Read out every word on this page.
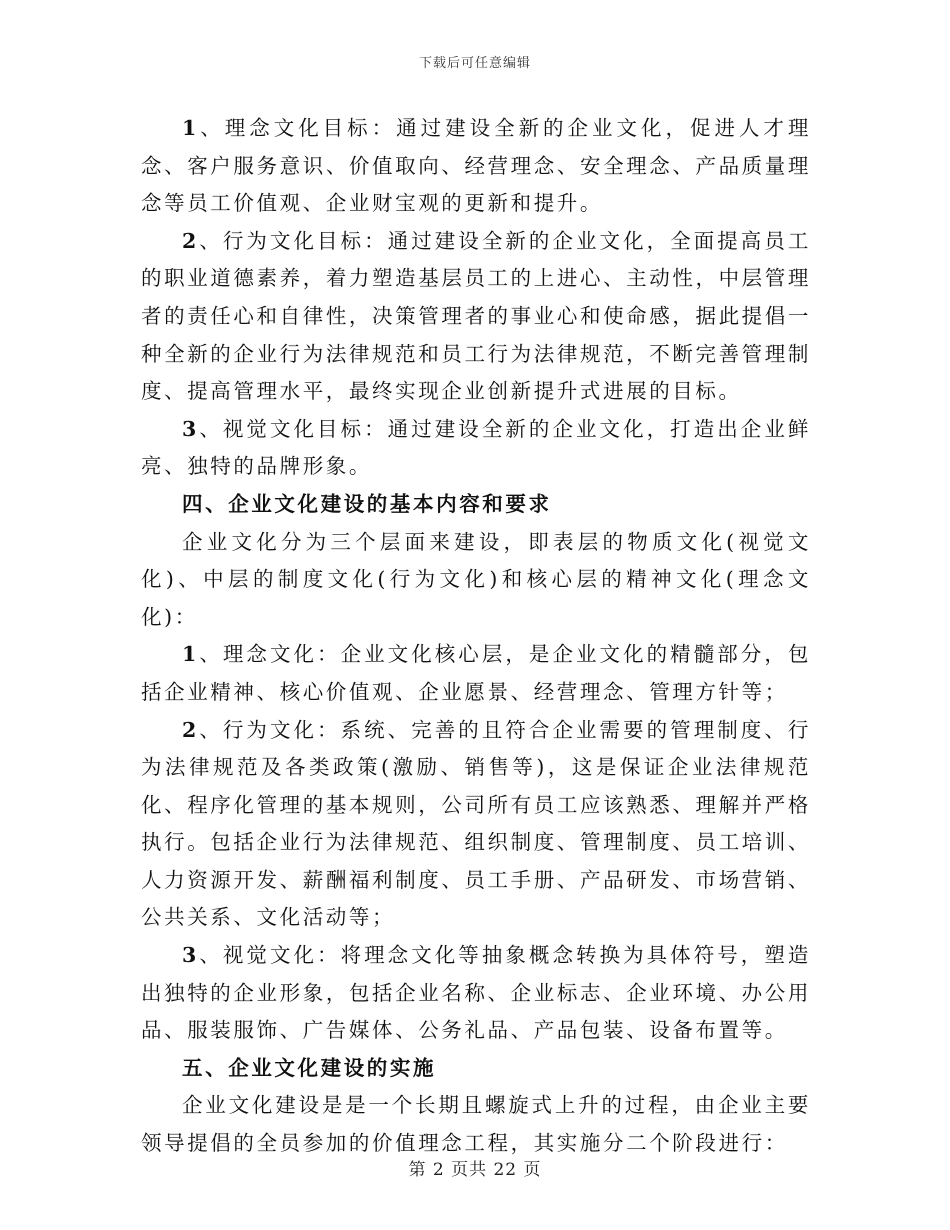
下载后可任意编辑

1、理念文化目标：通过建设全新的企业文化，促进人才理念、客户服务意识、价值取向、经营理念、安全理念、产品质量理念等员工价值观、企业财宝观的更新和提升。

2、行为文化目标：通过建设全新的企业文化，全面提高员工的职业道德素养，着力塑造基层员工的上进心、主动性，中层管理者的责任心和自律性，决策管理者的事业心和使命感，据此提倡一种全新的企业行为法律规范和员工行为法律规范，不断完善管理制度、提高管理水平，最终实现企业创新提升式进展的目标。

3、视觉文化目标：通过建设全新的企业文化，打造出企业鲜亮、独特的品牌形象。

四、企业文化建设的基本内容和要求

企业文化分为三个层面来建设，即表层的物质文化(视觉文化)、中层的制度文化(行为文化)和核心层的精神文化(理念文化)：

1、理念文化：企业文化核心层，是企业文化的精髓部分，包括企业精神、核心价值观、企业愿景、经营理念、管理方针等；

2、行为文化：系统、完善的且符合企业需要的管理制度、行为法律规范及各类政策(激励、销售等)，这是保证企业法律规范化、程序化管理的基本规则，公司所有员工应该熟悉、理解并严格执行。包括企业行为法律规范、组织制度、管理制度、员工培训、人力资源开发、薪酬福利制度、员工手册、产品研发、市场营销、公共关系、文化活动等；

3、视觉文化：将理念文化等抽象概念转换为具体符号，塑造出独特的企业形象，包括企业名称、企业标志、企业环境、办公用品、服装服饰、广告媒体、公务礼品、产品包装、设备布置等。

五、企业文化建设的实施

企业文化建设是是一个长期且螺旋式上升的过程，由企业主要领导提倡的全员参加的价值理念工程，其实施分二个阶段进行：

第 2 页共 22 页
